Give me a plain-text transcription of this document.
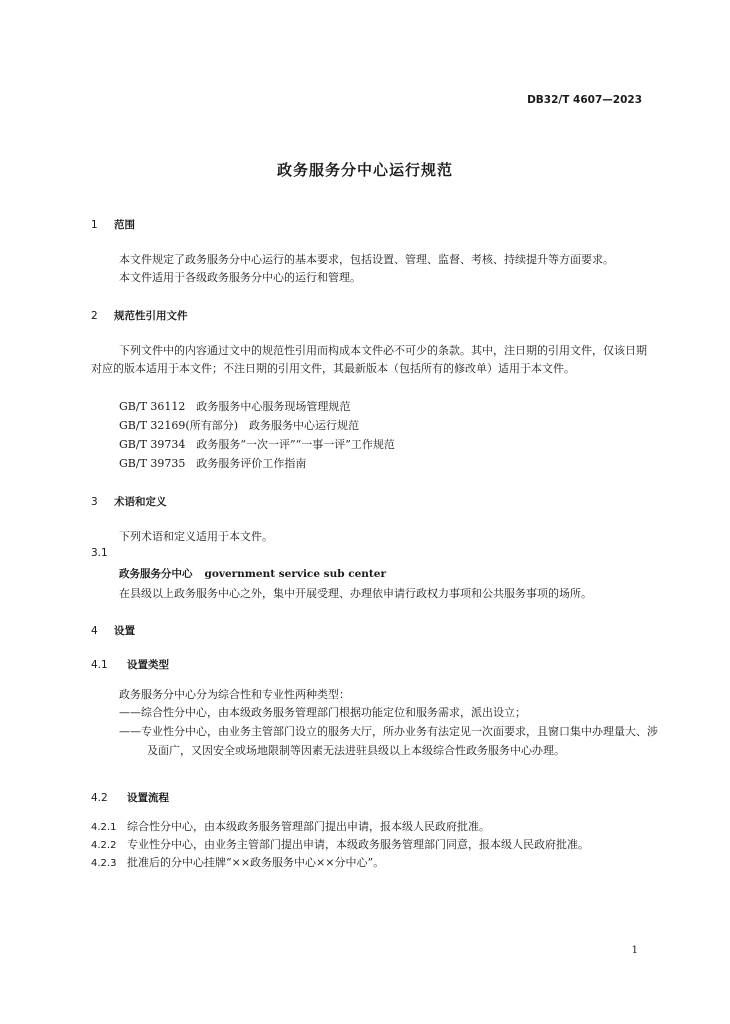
DB32/T 4607—2023
政务服务分中心运行规范
1 范围
本文件规定了政务服务分中心运行的基本要求，包括设置、管理、监督、考核、持续提升等方面要求。
本文件适用于各级政务服务分中心的运行和管理。
2 规范性引用文件
下列文件中的内容通过文中的规范性引用而构成本文件必不可少的条款。其中，注日期的引用文件，仅该日期对应的版本适用于本文件；不注日期的引用文件，其最新版本（包括所有的修改单）适用于本文件。
GB/T 36112　政务服务中心服务现场管理规范
GB/T 32169(所有部分)　政务服务中心运行规范
GB/T 39734　政务服务“一次一评”“一事一评”工作规范
GB/T 39735　政务服务评价工作指南
3 术语和定义
下列术语和定义适用于本文件。
3.1
政务服务分中心 government service sub center
在县级以上政务服务中心之外，集中开展受理、办理依申请行政权力事项和公共服务事项的场所。
4 设置
4.1 设置类型
政务服务分中心分为综合性和专业性两种类型：
——综合性分中心，由本级政务服务管理部门根据功能定位和服务需求，派出设立；
——专业性分中心，由业务主管部门设立的服务大厅，所办业务有法定见一次面要求，且窗口集中办理量大、涉及面广，又因安全或场地限制等因素无法进驻县级以上本级综合性政务服务中心办理。
4.2 设置流程
4.2.1 综合性分中心，由本级政务服务管理部门提出申请，报本级人民政府批准。
4.2.2 专业性分中心，由业务主管部门提出申请，本级政务服务管理部门同意，报本级人民政府批准。
4.2.3 批准后的分中心挂牌“××政务服务中心××分中心”。
1
